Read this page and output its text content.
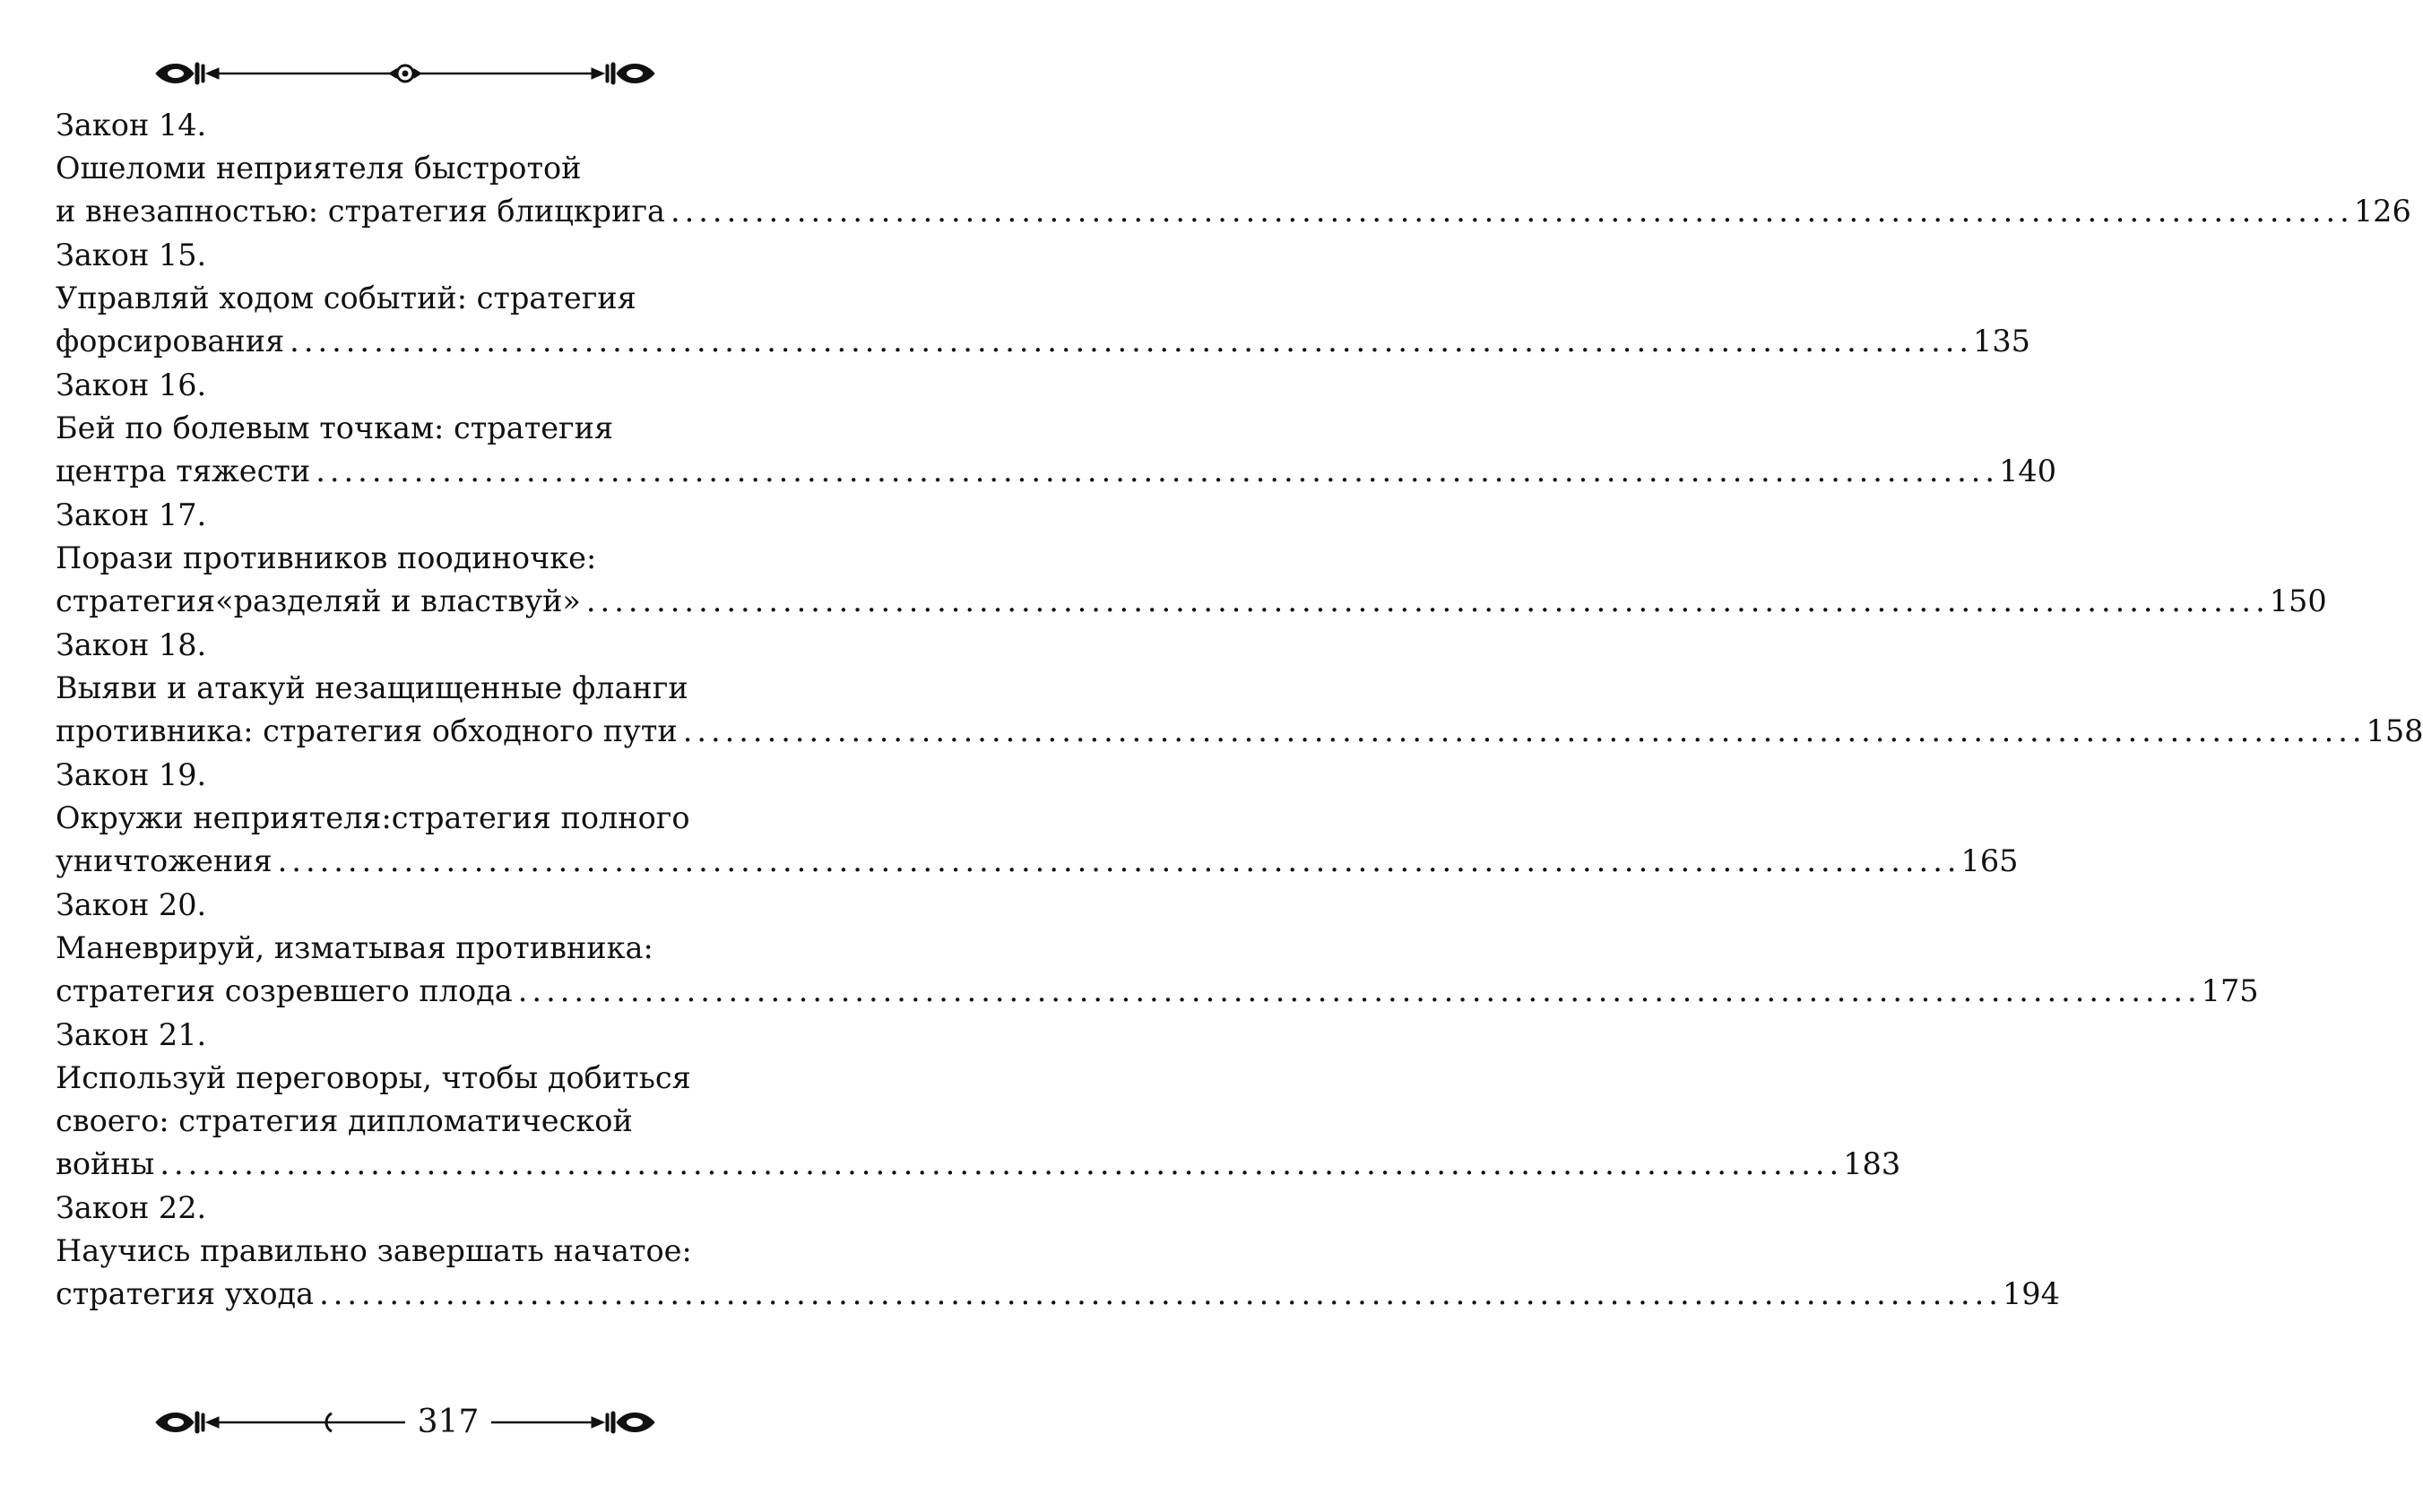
Закон 14.
Ошеломи неприятеля быстротой
и внезапностью: стратегия блицкрига ........................................................................................................................ 126
Закон 15.
Управляй ходом событий: стратегия
форсирования ........................................................................................................................ 135
Закон 16.
Бей по болевым точкам: стратегия
центра тяжести ........................................................................................................................ 140
Закон 17.
Порази противников поодиночке:
стратегия«разделяй и властвуй» ........................................................................................................................ 150
Закон 18.
Выяви и атакуй незащищенные фланги
противника: стратегия обходного пути ........................................................................................................................ 158
Закон 19.
Окружи неприятеля:стратегия полного
уничтожения ........................................................................................................................ 165
Закон 20.
Маневрируй, изматывая противника:
стратегия созревшего плода ........................................................................................................................ 175
Закон 21.
Используй переговоры, чтобы добиться
своего: стратегия дипломатической
войны ........................................................................................................................ 183
Закон 22.
Научись правильно завершать начатое:
стратегия ухода ........................................................................................................................ 194
317
